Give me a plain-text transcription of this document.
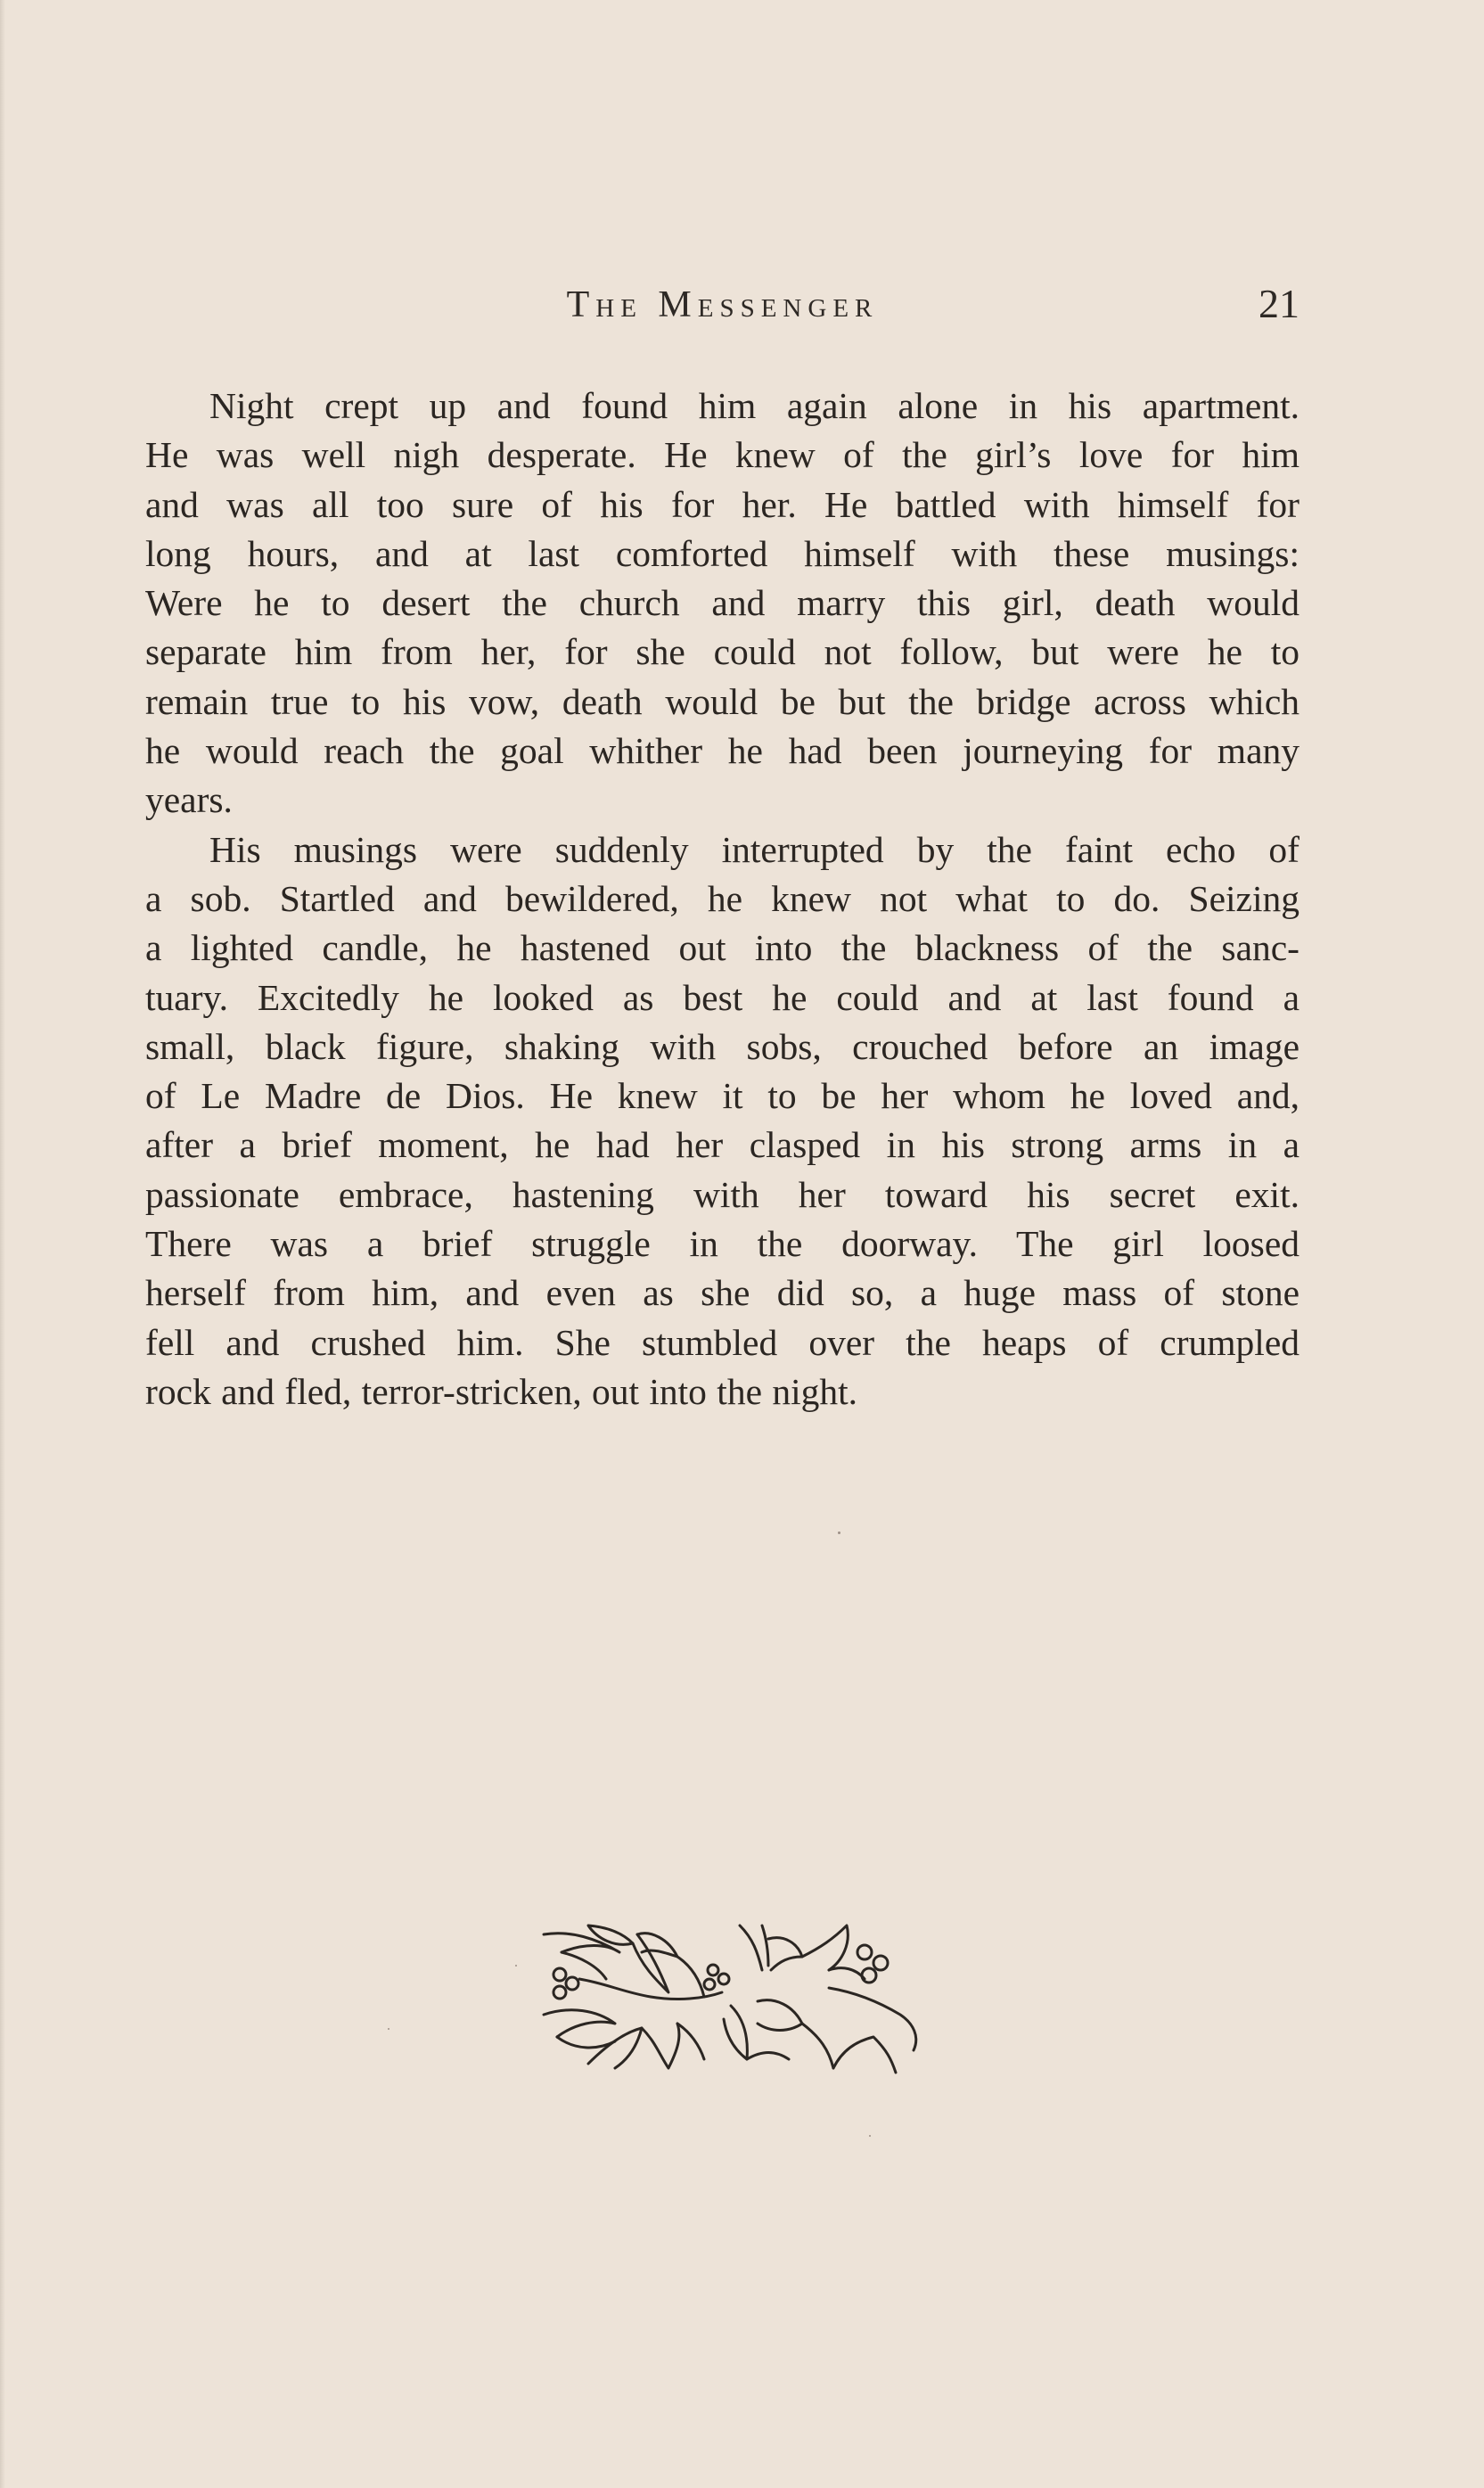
The Messenger	21

Night crept up and found him again alone in his apartment.
He was well nigh desperate. He knew of the girl’s love for him
and was all too sure of his for her. He battled with himself for
long hours, and at last comforted himself with these musings:
Were he to desert the church and marry this girl, death would
separate him from her, for she could not follow, but were he to
remain true to his vow, death would be but the bridge across which
he would reach the goal whither he had been journeying for many
years.

His musings were suddenly interrupted by the faint echo of
a sob. Startled and bewildered, he knew not what to do. Seizing
a lighted candle, he hastened out into the blackness of the sanc-
tuary. Excitedly he looked as best he could and at last found a
small, black figure, shaking with sobs, crouched before an image
of Le Madre de Dios. He knew it to be her whom he loved and,
after a brief moment, he had her clasped in his strong arms in a
passionate embrace, hastening with her toward his secret exit.
There was a brief struggle in the doorway. The girl loosed
herself from him, and even as she did so, a huge mass of stone
fell and crushed him. She stumbled over the heaps of crumpled
rock and fled, terror-stricken, out into the night.
